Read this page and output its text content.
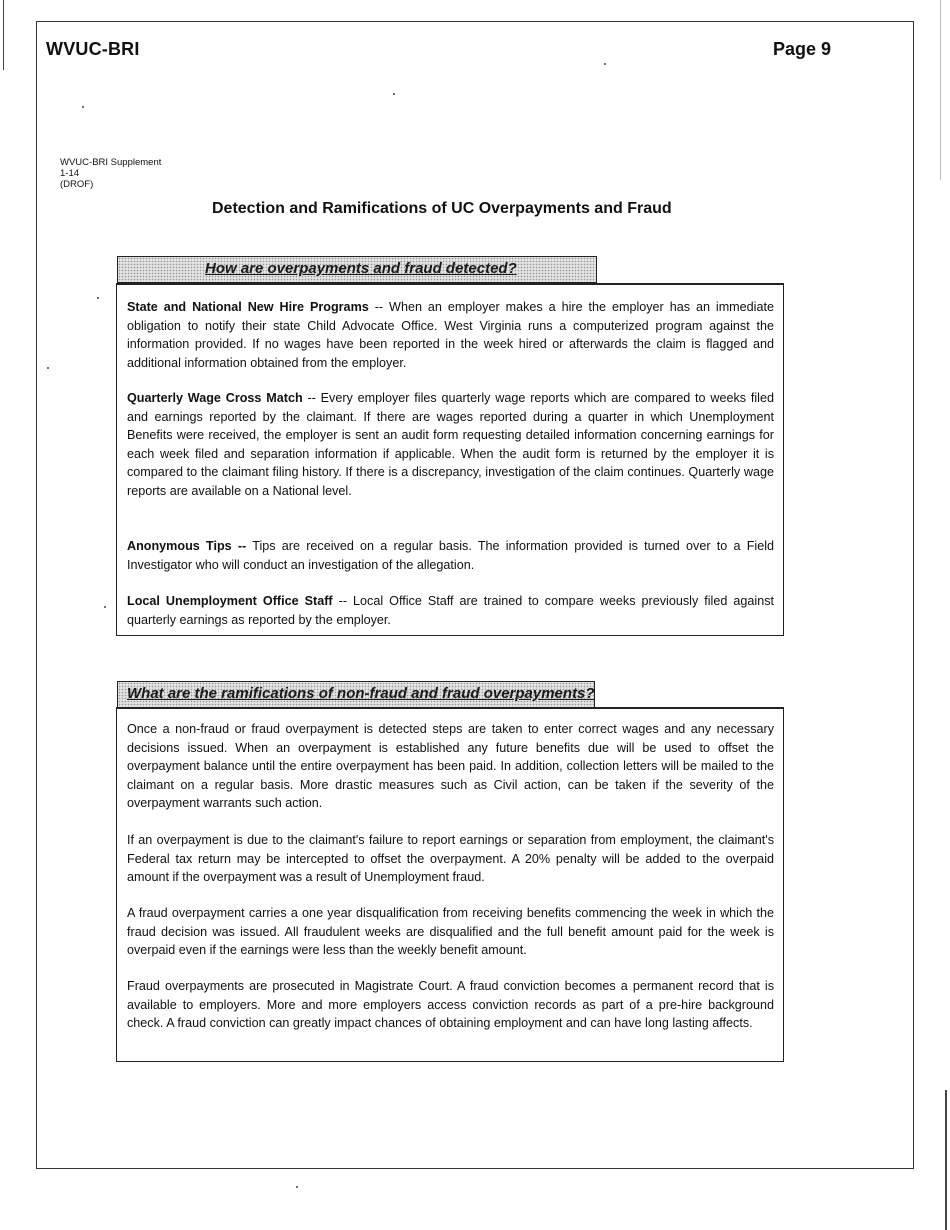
WVUC-BRI	Page 9
WVUC-BRI Supplement
1-14
(DROF)
Detection and Ramifications of UC Overpayments and Fraud
How are overpayments and fraud detected?

State and National New Hire Programs -- When an employer makes a hire the employer has an immediate obligation to notify their state Child Advocate Office. West Virginia runs a computerized program against the information provided. If no wages have been reported in the week hired or afterwards the claim is flagged and additional information obtained from the employer.

Quarterly Wage Cross Match -- Every employer files quarterly wage reports which are compared to weeks filed and earnings reported by the claimant. If there are wages reported during a quarter in which Unemployment Benefits were received, the employer is sent an audit form requesting detailed information concerning earnings for each week filed and separation information if applicable. When the audit form is returned by the employer it is compared to the claimant filing history. If there is a discrepancy, investigation of the claim continues. Quarterly wage reports are available on a National level.

Anonymous Tips -- Tips are received on a regular basis. The information provided is turned over to a Field Investigator who will conduct an investigation of the allegation.

Local Unemployment Office Staff -- Local Office Staff are trained to compare weeks previously filed against quarterly earnings as reported by the employer.

What are the ramifications of non-fraud and fraud overpayments?

Once a non-fraud or fraud overpayment is detected steps are taken to enter correct wages and any necessary decisions issued. When an overpayment is established any future benefits due will be used to offset the overpayment balance until the entire overpayment has been paid. In addition, collection letters will be mailed to the claimant on a regular basis. More drastic measures such as Civil action, can be taken if the severity of the overpayment warrants such action.

If an overpayment is due to the claimant's failure to report earnings or separation from employment, the claimant's Federal tax return may be intercepted to offset the overpayment. A 20% penalty will be added to the overpaid amount if the overpayment was a result of Unemployment fraud.

A fraud overpayment carries a one year disqualification from receiving benefits commencing the week in which the fraud decision was issued. All fraudulent weeks are disqualified and the full benefit amount paid for the week is overpaid even if the earnings were less than the weekly benefit amount.

Fraud overpayments are prosecuted in Magistrate Court. A fraud conviction becomes a permanent record that is available to employers. More and more employers access conviction records as part of a pre-hire background check. A fraud conviction can greatly impact chances of obtaining employment and can have long lasting affects.
